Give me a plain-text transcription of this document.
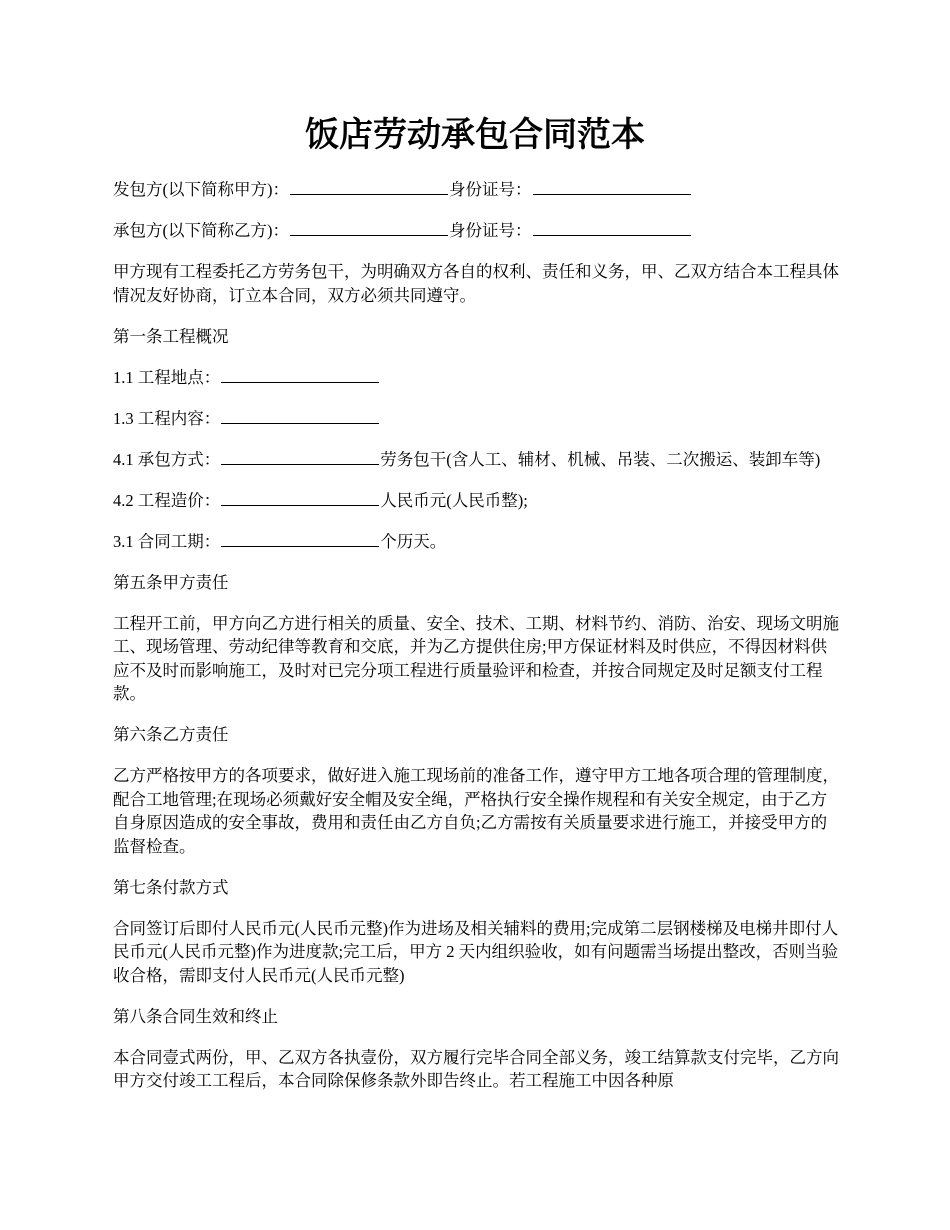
饭店劳动承包合同范本

发包方(以下简称甲方)：	身份证号：

承包方(以下简称乙方)：	身份证号：

甲方现有工程委托乙方劳务包干，为明确双方各自的权利、责任和义务，甲、乙双方结合本工程具体情况友好协商，订立本合同，双方必须共同遵守。

第一条工程概况

1.1 工程地点：

1.3 工程内容：

4.1 承包方式：	劳务包干(含人工、辅材、机械、吊装、二次搬运、装卸车等)

4.2 工程造价：	人民币元(人民币整);

3.1 合同工期：	个历天。

第五条甲方责任

工程开工前，甲方向乙方进行相关的质量、安全、技术、工期、材料节约、消防、治安、现场文明施工、现场管理、劳动纪律等教育和交底，并为乙方提供住房;甲方保证材料及时供应，不得因材料供应不及时而影响施工，及时对已完分项工程进行质量验评和检查，并按合同规定及时足额支付工程款。

第六条乙方责任

乙方严格按甲方的各项要求，做好进入施工现场前的准备工作，遵守甲方工地各项合理的管理制度，配合工地管理;在现场必须戴好安全帽及安全绳，严格执行安全操作规程和有关安全规定，由于乙方自身原因造成的安全事故，费用和责任由乙方自负;乙方需按有关质量要求进行施工，并接受甲方的监督检查。

第七条付款方式

合同签订后即付人民币元(人民币元整)作为进场及相关辅料的费用;完成第二层钢楼梯及电梯井即付人民币元(人民币元整)作为进度款;完工后，甲方 2 天内组织验收，如有问题需当场提出整改，否则当验收合格，需即支付人民币元(人民币元整)

第八条合同生效和终止

本合同壹式两份，甲、乙双方各执壹份，双方履行完毕合同全部义务，竣工结算款支付完毕，乙方向甲方交付竣工工程后，本合同除保修条款外即告终止。若工程施工中因各种原
